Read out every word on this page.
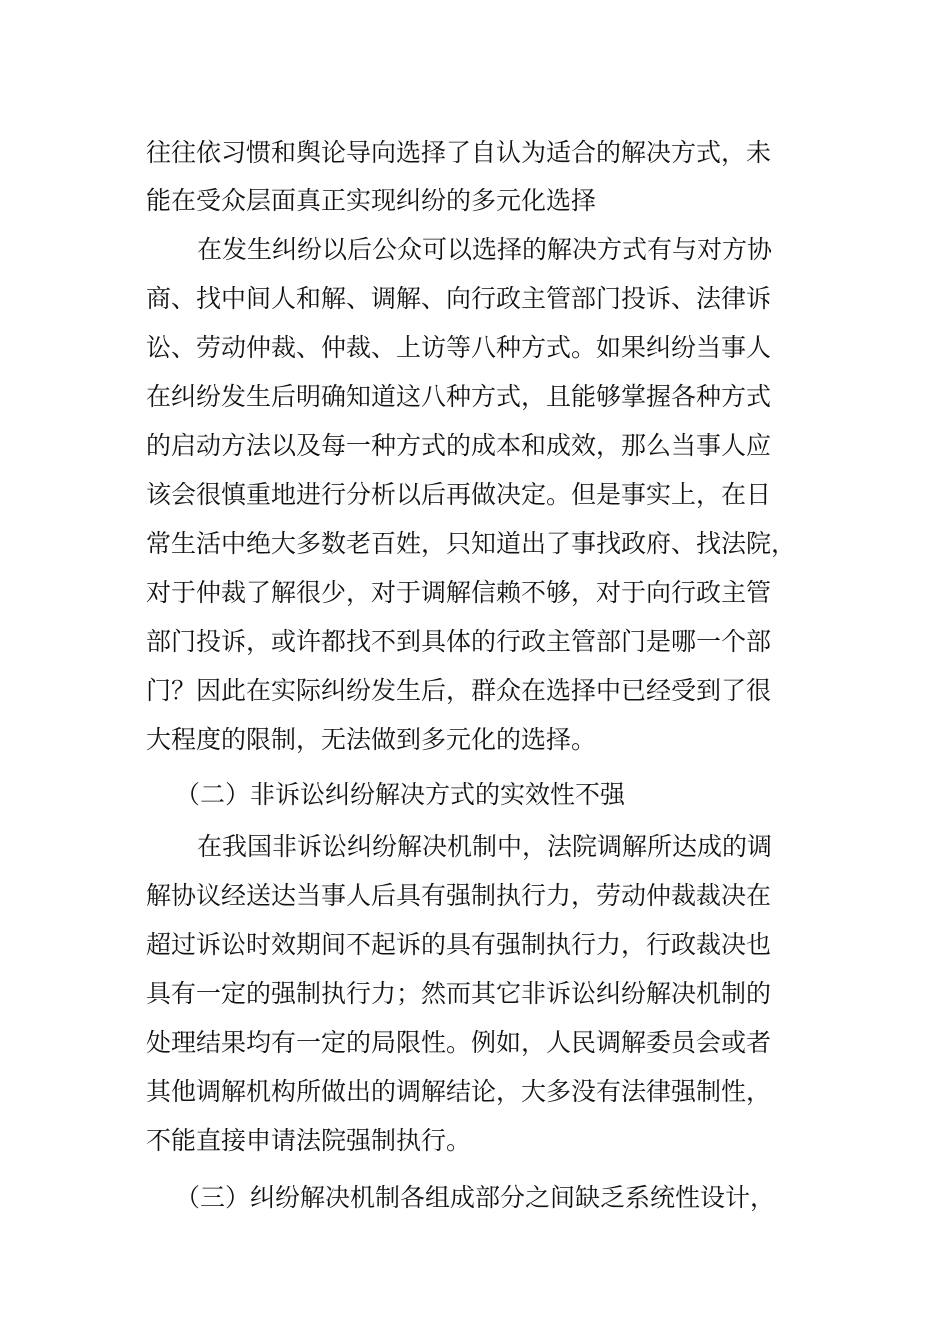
往往依习惯和舆论导向选择了自认为适合的解决方式，未
能在受众层面真正实现纠纷的多元化选择
在发生纠纷以后公众可以选择的解决方式有与对方协
商、找中间人和解、调解、向行政主管部门投诉、法律诉
讼、劳动仲裁、仲裁、上访等八种方式。如果纠纷当事人
在纠纷发生后明确知道这八种方式，且能够掌握各种方式
的启动方法以及每一种方式的成本和成效，那么当事人应
该会很慎重地进行分析以后再做决定。但是事实上，在日
常生活中绝大多数老百姓，只知道出了事找政府、找法院，
对于仲裁了解很少，对于调解信赖不够，对于向行政主管
部门投诉，或许都找不到具体的行政主管部门是哪一个部
门？因此在实际纠纷发生后，群众在选择中已经受到了很
大程度的限制，无法做到多元化的选择。
（二）非诉讼纠纷解决方式的实效性不强
在我国非诉讼纠纷解决机制中，法院调解所达成的调
解协议经送达当事人后具有强制执行力，劳动仲裁裁决在
超过诉讼时效期间不起诉的具有强制执行力，行政裁决也
具有一定的强制执行力；然而其它非诉讼纠纷解决机制的
处理结果均有一定的局限性。例如，人民调解委员会或者
其他调解机构所做出的调解结论，大多没有法律强制性，
不能直接申请法院强制执行。
（三）纠纷解决机制各组成部分之间缺乏系统性设计，
